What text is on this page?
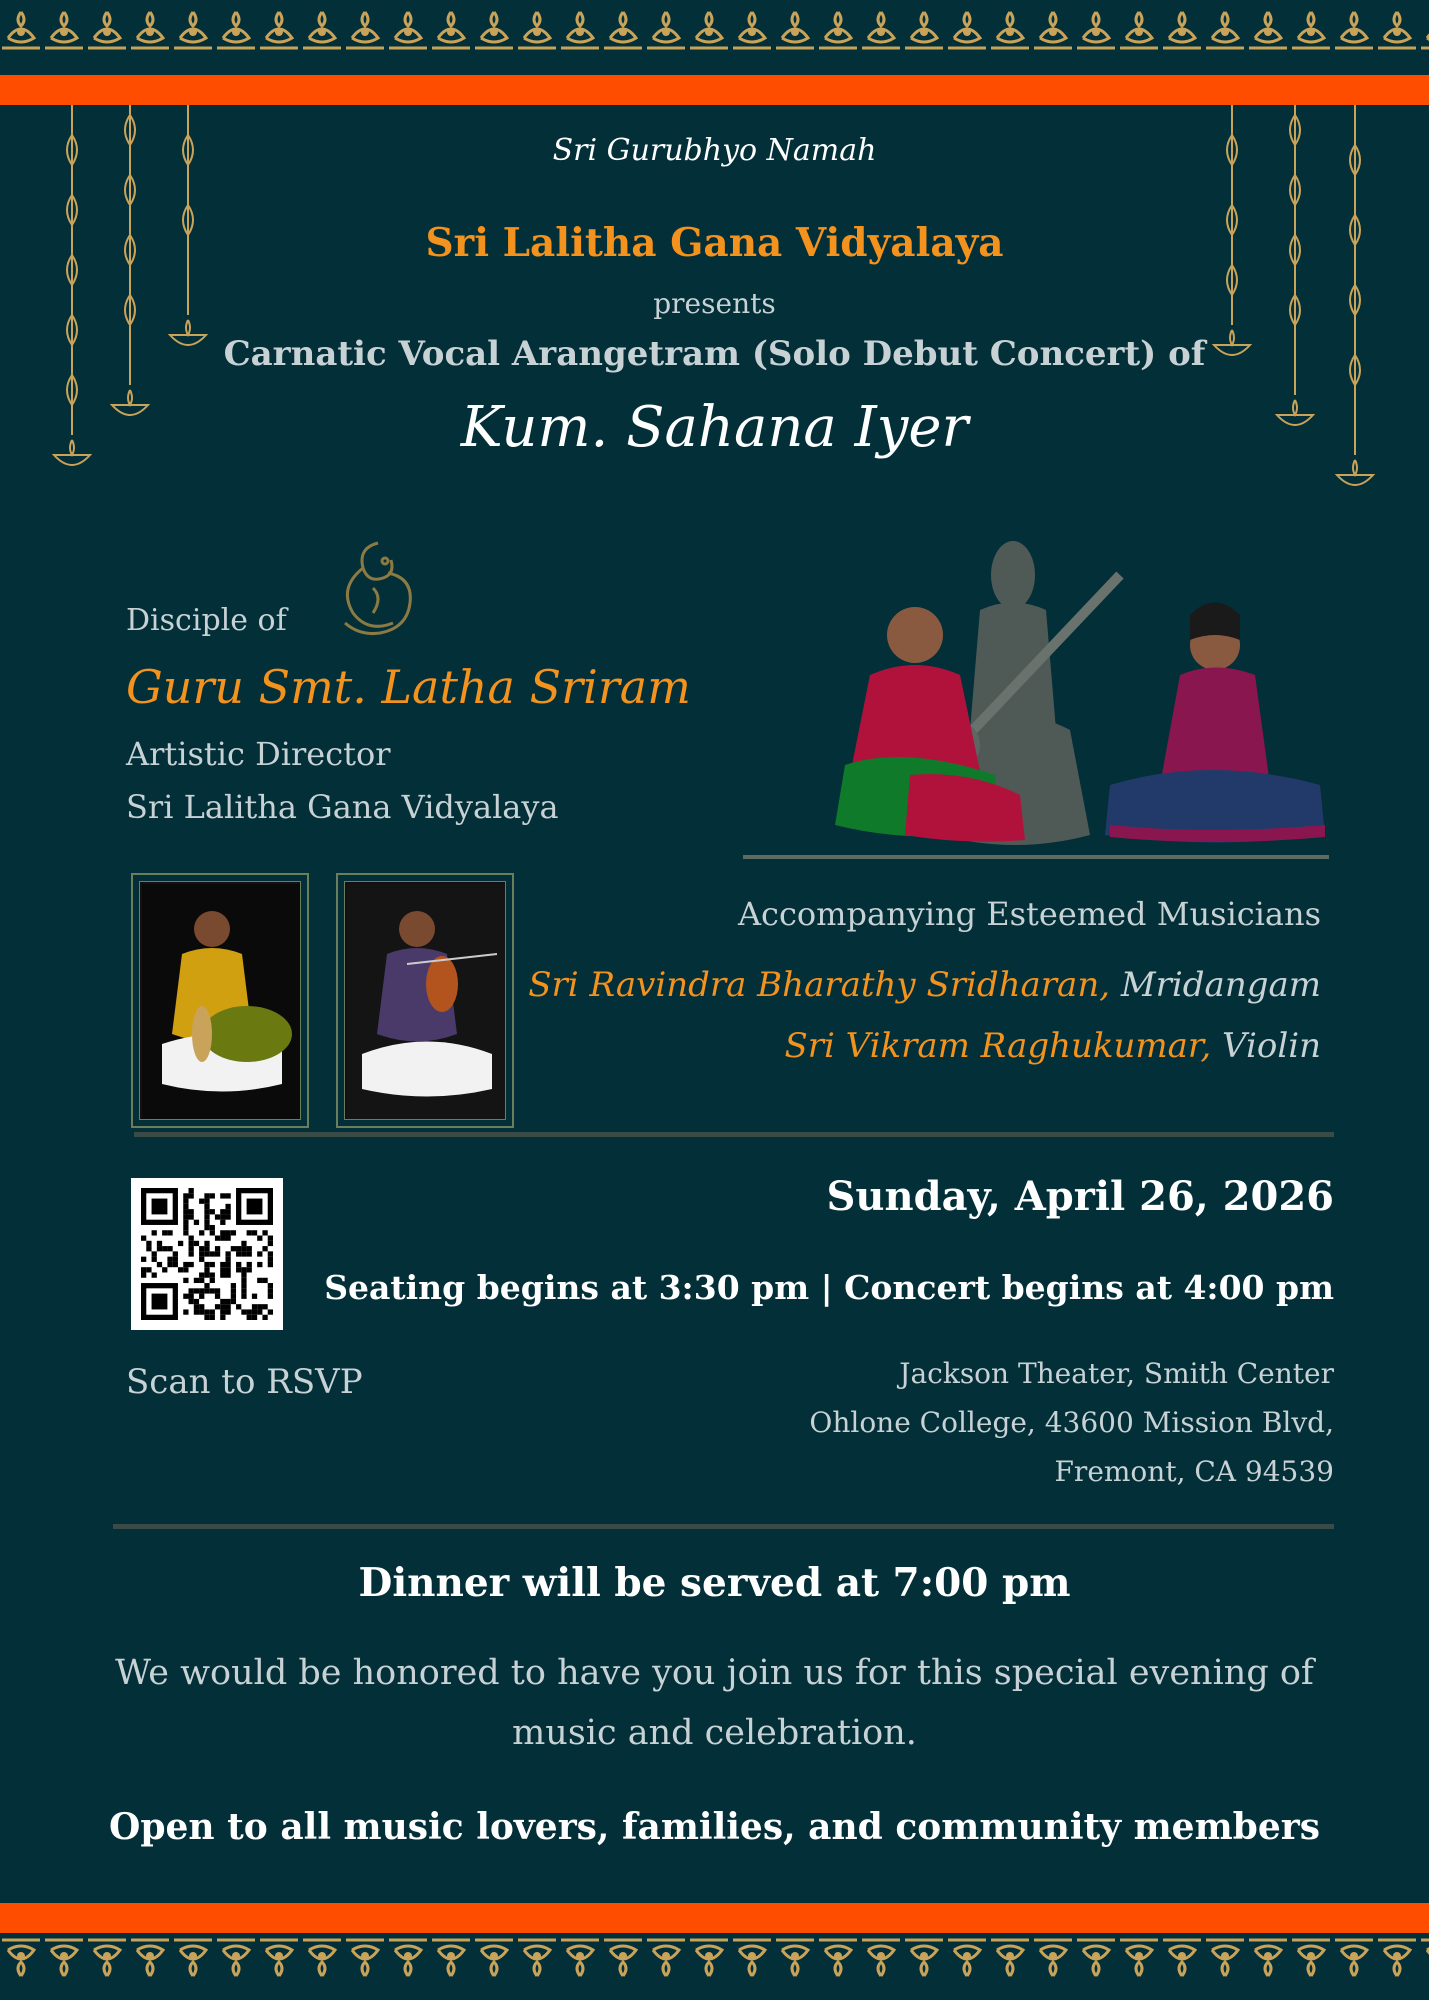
Sri Gurubhyo Namah
Sri Lalitha Gana Vidyalaya
presents
Carnatic Vocal Arangetram (Solo Debut Concert) of
Kum. Sahana Iyer
Disciple of
Guru Smt. Latha Sriram
Artistic Director
Sri Lalitha Gana Vidyalaya
Accompanying Esteemed Musicians
Sri Ravindra Bharathy Sridharan, Mridangam
Sri Vikram Raghukumar, Violin
Scan to RSVP
Sunday, April 26, 2026
Seating begins at 3:30 pm | Concert begins at 4:00 pm
Jackson Theater, Smith Center
Ohlone College, 43600 Mission Blvd,
Fremont, CA 94539
Dinner will be served at 7:00 pm
We would be honored to have you join us for this special evening of
music and celebration.
Open to all music lovers, families, and community members
